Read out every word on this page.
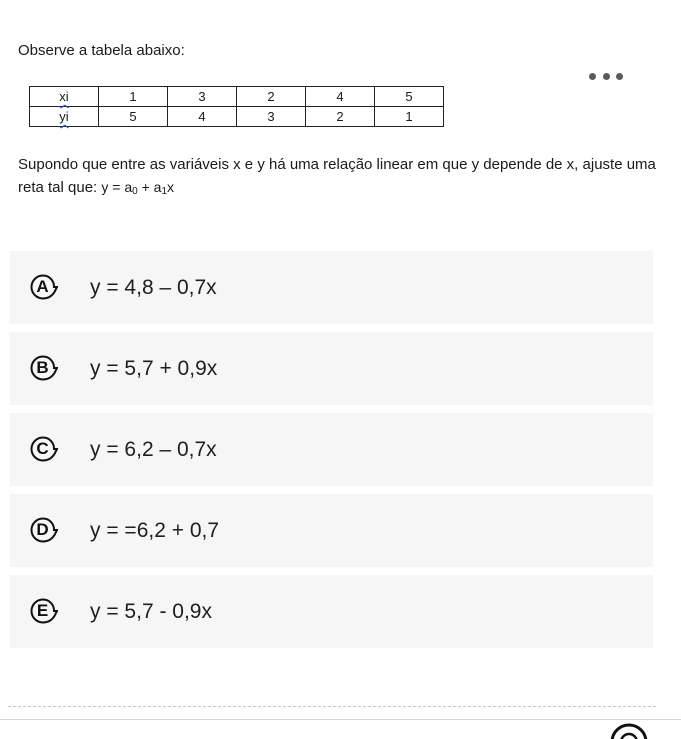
Observe a tabela abaixo:
xi	1	3	2	4	5
yi	5	4	3	2	1
Supondo que entre as variáveis x e y há uma relação linear em que y depende de x, ajuste uma reta tal que: $y = a_0 + a_1x$
A	y = 4,8 – 0,7x
B	y = 5,7 + 0,9x
C	y = 6,2 – 0,7x
D	y = =6,2 + 0,7
E	y = 5,7 - 0,9x
